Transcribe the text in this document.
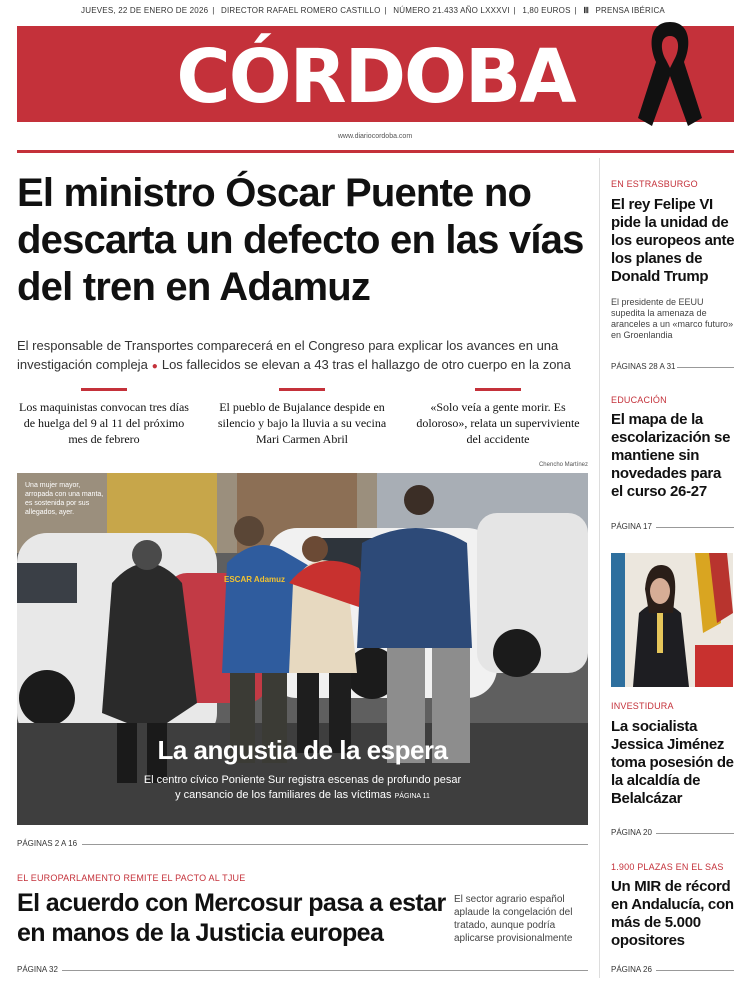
JUEVES, 22 DE ENERO DE 2026 | DIRECTOR RAFAEL ROMERO CASTILLO | NÚMERO 21.433 AÑO LXXXVI | 1,80 EUROS | Ⅲ PRENSA IBÉRICA
CÓRDOBA
www.diariocordoba.com
El ministro Óscar Puente no descarta un defecto en las vías del tren en Adamuz
El responsable de Transportes comparecerá en el Congreso para explicar los avances en una investigación compleja ● Los fallecidos se elevan a 43 tras el hallazgo de otro cuerpo en la zona
Los maquinistas convocan tres días de huelga del 9 al 11 del próximo mes de febrero
El pueblo de Bujalance despide en silencio y bajo la lluvia a su vecina Mari Carmen Abril
«Solo veía a gente morir. Es doloroso», relata un superviviente del accidente
Chencho Martínez
ESCAR Adamuz
Una mujer mayor, arropada con una manta, es sostenida por sus allegados, ayer.
La angustia de la espera
El centro cívico Poniente Sur registra escenas de profundo pesar
y cansancio de los familiares de las víctimas PÁGINA 11
PÁGINAS 2 A 16
EL EUROPARLAMENTO REMITE EL PACTO AL TJUE
El acuerdo con Mercosur pasa a estar en manos de la Justicia europea
El sector agrario español aplaude la congelación del tratado, aunque podría aplicarse provisionalmente
PÁGINA 32
EN ESTRASBURGO
El rey Felipe VI pide la unidad de los europeos ante los planes de Donald Trump
El presidente de EEUU supedita la amenaza de aranceles a un «marco futuro» en Groenlandia
PÁGINAS 28 A 31
EDUCACIÓN
El mapa de la escolarización se mantiene sin novedades para el curso 26-27
PÁGINA 17
INVESTIDURA
La socialista Jessica Jiménez toma posesión de la alcaldía de Belalcázar
PÁGINA 20
1.900 PLAZAS EN EL SAS
Un MIR de récord en Andalucía, con más de 5.000 opositores
PÁGINA 26
